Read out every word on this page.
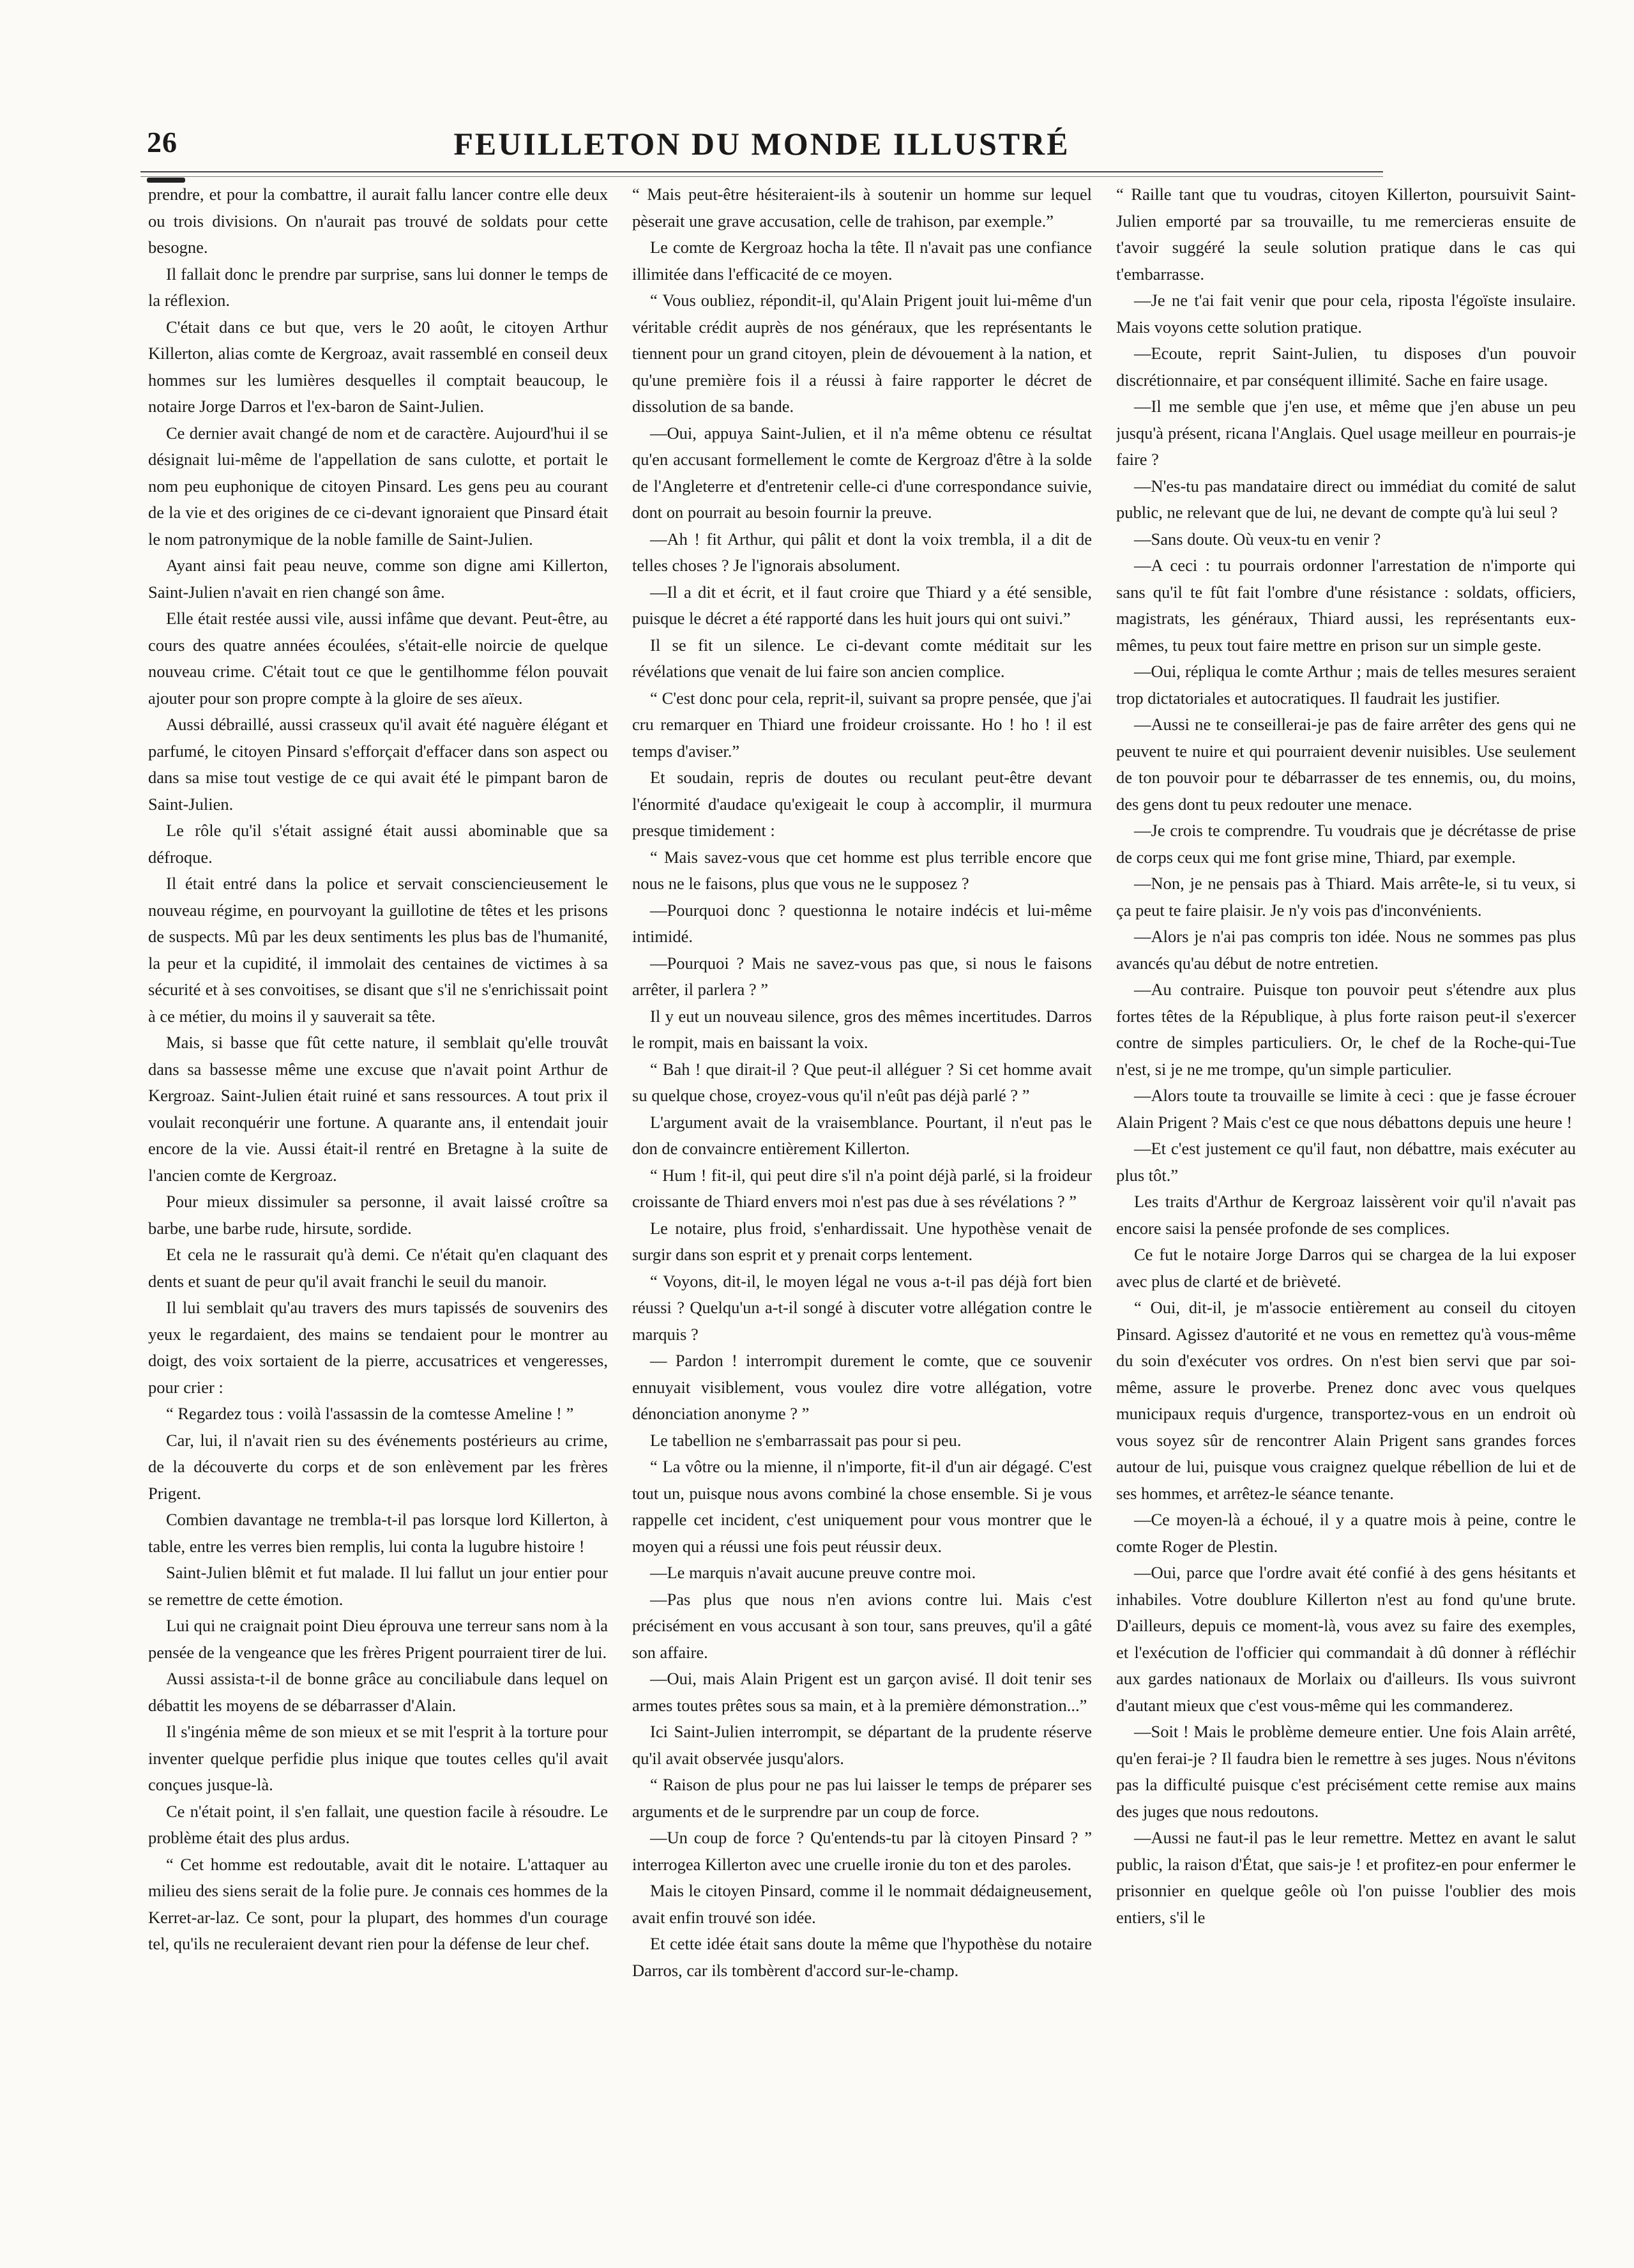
26	FEUILLETON DU MONDE ILLUSTRÉ

prendre, et pour la combattre, il aurait fallu lancer contre elle deux ou trois divisions. On n'aurait pas trouvé de soldats pour cette besogne.

Il fallait donc le prendre par surprise, sans lui donner le temps de la réflexion.

C'était dans ce but que, vers le 20 août, le citoyen Arthur Killerton, alias comte de Kergroaz, avait rassemblé en conseil deux hommes sur les lumières desquelles il comptait beaucoup, le notaire Jorge Darros et l'ex-baron de Saint-Julien.

Ce dernier avait changé de nom et de caractère. Aujourd'hui il se désignait lui-même de l'appellation de sans culotte, et portait le nom peu euphonique de citoyen Pinsard. Les gens peu au courant de la vie et des origines de ce ci-devant ignoraient que Pinsard était le nom patronymique de la noble famille de Saint-Julien.

Ayant ainsi fait peau neuve, comme son digne ami Killerton, Saint-Julien n'avait en rien changé son âme.

Elle était restée aussi vile, aussi infâme que devant. Peut-être, au cours des quatre années écoulées, s'était-elle noircie de quelque nouveau crime. C'était tout ce que le gentilhomme félon pouvait ajouter pour son propre compte à la gloire de ses aïeux.

Aussi débraillé, aussi crasseux qu'il avait été naguère élégant et parfumé, le citoyen Pinsard s'efforçait d'effacer dans son aspect ou dans sa mise tout vestige de ce qui avait été le pimpant baron de Saint-Julien.

Le rôle qu'il s'était assigné était aussi abominable que sa défroque.

Il était entré dans la police et servait consciencieusement le nouveau régime, en pourvoyant la guillotine de têtes et les prisons de suspects. Mû par les deux sentiments les plus bas de l'humanité, la peur et la cupidité, il immolait des centaines de victimes à sa sécurité et à ses convoitises, se disant que s'il ne s'enrichissait point à ce métier, du moins il y sauverait sa tête.

Mais, si basse que fût cette nature, il semblait qu'elle trouvât dans sa bassesse même une excuse que n'avait point Arthur de Kergroaz. Saint-Julien était ruiné et sans ressources. A tout prix il voulait reconquérir une fortune. A quarante ans, il entendait jouir encore de la vie. Aussi était-il rentré en Bretagne à la suite de l'ancien comte de Kergroaz.

Pour mieux dissimuler sa personne, il avait laissé croître sa barbe, une barbe rude, hirsute, sordide.

Et cela ne le rassurait qu'à demi. Ce n'était qu'en claquant des dents et suant de peur qu'il avait franchi le seuil du manoir.

Il lui semblait qu'au travers des murs tapissés de souvenirs des yeux le regardaient, des mains se tendaient pour le montrer au doigt, des voix sortaient de la pierre, accusatrices et vengeresses, pour crier :

“ Regardez tous : voilà l'assassin de la comtesse Ameline ! ”

Car, lui, il n'avait rien su des événements postérieurs au crime, de la découverte du corps et de son enlèvement par les frères Prigent.

Combien davantage ne trembla-t-il pas lorsque lord Killerton, à table, entre les verres bien remplis, lui conta la lugubre histoire !

Saint-Julien blêmit et fut malade. Il lui fallut un jour entier pour se remettre de cette émotion.

Lui qui ne craignait point Dieu éprouva une terreur sans nom à la pensée de la vengeance que les frères Prigent pourraient tirer de lui.

Aussi assista-t-il de bonne grâce au conciliabule dans lequel on débattit les moyens de se débarrasser d'Alain.

Il s'ingénia même de son mieux et se mit l'esprit à la torture pour inventer quelque perfidie plus inique que toutes celles qu'il avait conçues jusque-là.

Ce n'était point, il s'en fallait, une question facile à résoudre. Le problème était des plus ardus.

“ Cet homme est redoutable, avait dit le notaire. L'attaquer au milieu des siens serait de la folie pure. Je connais ces hommes de la Kerret-ar-laz. Ce sont, pour la plupart, des hommes d'un courage tel, qu'ils ne reculeraient devant rien pour la défense de leur chef.

“ Mais peut-être hésiteraient-ils à soutenir un homme sur lequel pèserait une grave accusation, celle de trahison, par exemple.”

Le comte de Kergroaz hocha la tête. Il n'avait pas une confiance illimitée dans l'efficacité de ce moyen.

“ Vous oubliez, répondit-il, qu'Alain Prigent jouit lui-même d'un véritable crédit auprès de nos généraux, que les représentants le tiennent pour un grand citoyen, plein de dévouement à la nation, et qu'une première fois il a réussi à faire rapporter le décret de dissolution de sa bande.

—Oui, appuya Saint-Julien, et il n'a même obtenu ce résultat qu'en accusant formellement le comte de Kergroaz d'être à la solde de l'Angleterre et d'entretenir celle-ci d'une correspondance suivie, dont on pourrait au besoin fournir la preuve.

—Ah ! fit Arthur, qui pâlit et dont la voix trembla, il a dit de telles choses ? Je l'ignorais absolument.

—Il a dit et écrit, et il faut croire que Thiard y a été sensible, puisque le décret a été rapporté dans les huit jours qui ont suivi.”

Il se fit un silence. Le ci-devant comte méditait sur les révélations que venait de lui faire son ancien complice.

“ C'est donc pour cela, reprit-il, suivant sa propre pensée, que j'ai cru remarquer en Thiard une froideur croissante. Ho ! ho ! il est temps d'aviser.”

Et soudain, repris de doutes ou reculant peut-être devant l'énormité d'audace qu'exigeait le coup à accomplir, il murmura presque timidement :

“ Mais savez-vous que cet homme est plus terrible encore que nous ne le faisons, plus que vous ne le supposez ?

—Pourquoi donc ? questionna le notaire indécis et lui-même intimidé.

—Pourquoi ? Mais ne savez-vous pas que, si nous le faisons arrêter, il parlera ? ”

Il y eut un nouveau silence, gros des mêmes incertitudes. Darros le rompit, mais en baissant la voix.

“ Bah ! que dirait-il ? Que peut-il alléguer ? Si cet homme avait su quelque chose, croyez-vous qu'il n'eût pas déjà parlé ? ”

L'argument avait de la vraisemblance. Pourtant, il n'eut pas le don de convaincre entièrement Killerton.

“ Hum ! fit-il, qui peut dire s'il n'a point déjà parlé, si la froideur croissante de Thiard envers moi n'est pas due à ses révélations ? ”

Le notaire, plus froid, s'enhardissait. Une hypothèse venait de surgir dans son esprit et y prenait corps lentement.

“ Voyons, dit-il, le moyen légal ne vous a-t-il pas déjà fort bien réussi ? Quelqu'un a-t-il songé à discuter votre allégation contre le marquis ?

— Pardon ! interrompit durement le comte, que ce souvenir ennuyait visiblement, vous voulez dire votre allégation, votre dénonciation anonyme ? ”

Le tabellion ne s'embarrassait pas pour si peu.

“ La vôtre ou la mienne, il n'importe, fit-il d'un air dégagé. C'est tout un, puisque nous avons combiné la chose ensemble. Si je vous rappelle cet incident, c'est uniquement pour vous montrer que le moyen qui a réussi une fois peut réussir deux.

—Le marquis n'avait aucune preuve contre moi.

—Pas plus que nous n'en avions contre lui. Mais c'est précisément en vous accusant à son tour, sans preuves, qu'il a gâté son affaire.

—Oui, mais Alain Prigent est un garçon avisé. Il doit tenir ses armes toutes prêtes sous sa main, et à la première démonstration...”

Ici Saint-Julien interrompit, se départant de la prudente réserve qu'il avait observée jusqu'alors.

“ Raison de plus pour ne pas lui laisser le temps de préparer ses arguments et de le surprendre par un coup de force.

—Un coup de force ? Qu'entends-tu par là citoyen Pinsard ? ” interrogea Killerton avec une cruelle ironie du ton et des paroles.

Mais le citoyen Pinsard, comme il le nommait dédaigneusement, avait enfin trouvé son idée.

Et cette idée était sans doute la même que l'hypothèse du notaire Darros, car ils tombèrent d'accord sur-le-champ.

“ Raille tant que tu voudras, citoyen Killerton, poursuivit Saint-Julien emporté par sa trouvaille, tu me remercieras ensuite de t'avoir suggéré la seule solution pratique dans le cas qui t'embarrasse.

—Je ne t'ai fait venir que pour cela, riposta l'égoïste insulaire. Mais voyons cette solution pratique.

—Ecoute, reprit Saint-Julien, tu disposes d'un pouvoir discrétionnaire, et par conséquent illimité. Sache en faire usage.

—Il me semble que j'en use, et même que j'en abuse un peu jusqu'à présent, ricana l'Anglais. Quel usage meilleur en pourrais-je faire ?

—N'es-tu pas mandataire direct ou immédiat du comité de salut public, ne relevant que de lui, ne devant de compte qu'à lui seul ?

—Sans doute. Où veux-tu en venir ?

—A ceci : tu pourrais ordonner l'arrestation de n'importe qui sans qu'il te fût fait l'ombre d'une résistance : soldats, officiers, magistrats, les généraux, Thiard aussi, les représentants eux-mêmes, tu peux tout faire mettre en prison sur un simple geste.

—Oui, répliqua le comte Arthur ; mais de telles mesures seraient trop dictatoriales et autocratiques. Il faudrait les justifier.

—Aussi ne te conseillerai-je pas de faire arrêter des gens qui ne peuvent te nuire et qui pourraient devenir nuisibles. Use seulement de ton pouvoir pour te débarrasser de tes ennemis, ou, du moins, des gens dont tu peux redouter une menace.

—Je crois te comprendre. Tu voudrais que je décrétasse de prise de corps ceux qui me font grise mine, Thiard, par exemple.

—Non, je ne pensais pas à Thiard. Mais arrête-le, si tu veux, si ça peut te faire plaisir. Je n'y vois pas d'inconvénients.

—Alors je n'ai pas compris ton idée. Nous ne sommes pas plus avancés qu'au début de notre entretien.

—Au contraire. Puisque ton pouvoir peut s'étendre aux plus fortes têtes de la République, à plus forte raison peut-il s'exercer contre de simples particuliers. Or, le chef de la Roche-qui-Tue n'est, si je ne me trompe, qu'un simple particulier.

—Alors toute ta trouvaille se limite à ceci : que je fasse écrouer Alain Prigent ? Mais c'est ce que nous débattons depuis une heure !

—Et c'est justement ce qu'il faut, non débattre, mais exécuter au plus tôt.”

Les traits d'Arthur de Kergroaz laissèrent voir qu'il n'avait pas encore saisi la pensée profonde de ses complices.

Ce fut le notaire Jorge Darros qui se chargea de la lui exposer avec plus de clarté et de brièveté.

“ Oui, dit-il, je m'associe entièrement au conseil du citoyen Pinsard. Agissez d'autorité et ne vous en remettez qu'à vous-même du soin d'exécuter vos ordres. On n'est bien servi que par soi-même, assure le proverbe. Prenez donc avec vous quelques municipaux requis d'urgence, transportez-vous en un endroit où vous soyez sûr de rencontrer Alain Prigent sans grandes forces autour de lui, puisque vous craignez quelque rébellion de lui et de ses hommes, et arrêtez-le séance tenante.

—Ce moyen-là a échoué, il y a quatre mois à peine, contre le comte Roger de Plestin.

—Oui, parce que l'ordre avait été confié à des gens hésitants et inhabiles. Votre doublure Killerton n'est au fond qu'une brute. D'ailleurs, depuis ce moment-là, vous avez su faire des exemples, et l'exécution de l'officier qui commandait à dû donner à réfléchir aux gardes nationaux de Morlaix ou d'ailleurs. Ils vous suivront d'autant mieux que c'est vous-même qui les commanderez.

—Soit ! Mais le problème demeure entier. Une fois Alain arrêté, qu'en ferai-je ? Il faudra bien le remettre à ses juges. Nous n'évitons pas la difficulté puisque c'est précisément cette remise aux mains des juges que nous redoutons.

—Aussi ne faut-il pas le leur remettre. Mettez en avant le salut public, la raison d'État, que sais-je ! et profitez-en pour enfermer le prisonnier en quelque geôle où l'on puisse l'oublier des mois entiers, s'il le
